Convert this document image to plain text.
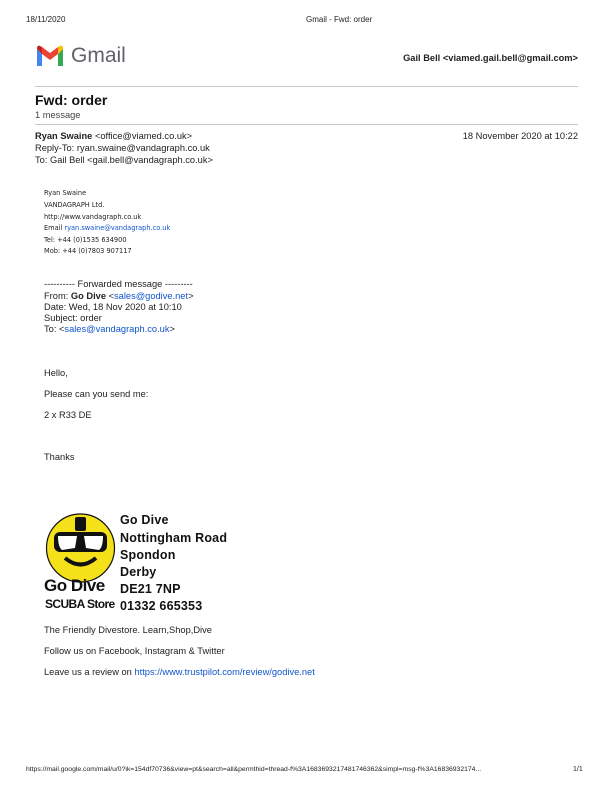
18/11/2020	Gmail - Fwd: order
Gmail	Gail Bell <viamed.gail.bell@gmail.com>
Fwd: order
1 message
Ryan Swaine <office@viamed.co.uk>	18 November 2020 at 10:22
Reply-To: ryan.swaine@vandagraph.co.uk
To: Gail Bell <gail.bell@vandagraph.co.uk>
Ryan Swaine
VANDAGRAPH Ltd.
http://www.vandagraph.co.uk
Email ryan.swaine@vandagraph.co.uk
Tel: +44 (0)1535 634900
Mob: +44 (0)7803 907117
---------- Forwarded message ---------
From: Go Dive <sales@godive.net>
Date: Wed, 18 Nov 2020 at 10:10
Subject: order
To: <sales@vandagraph.co.uk>
Hello,
Please can you send me:
2 x R33 DE
Thanks
Go Dive
SCUBA Store
Go Dive
Nottingham Road
Spondon
Derby
DE21 7NP
01332 665353
The Friendly Divestore. Learn,Shop,Dive
Follow us on Facebook, Instagram & Twitter
Leave us a review on https://www.trustpilot.com/review/godive.net
https://mail.google.com/mail/u/0?ik=154df70736&view=pt&search=all&permthid=thread-f%3A1683693217481746362&simpl=msg-f%3A16836932174...	1/1
